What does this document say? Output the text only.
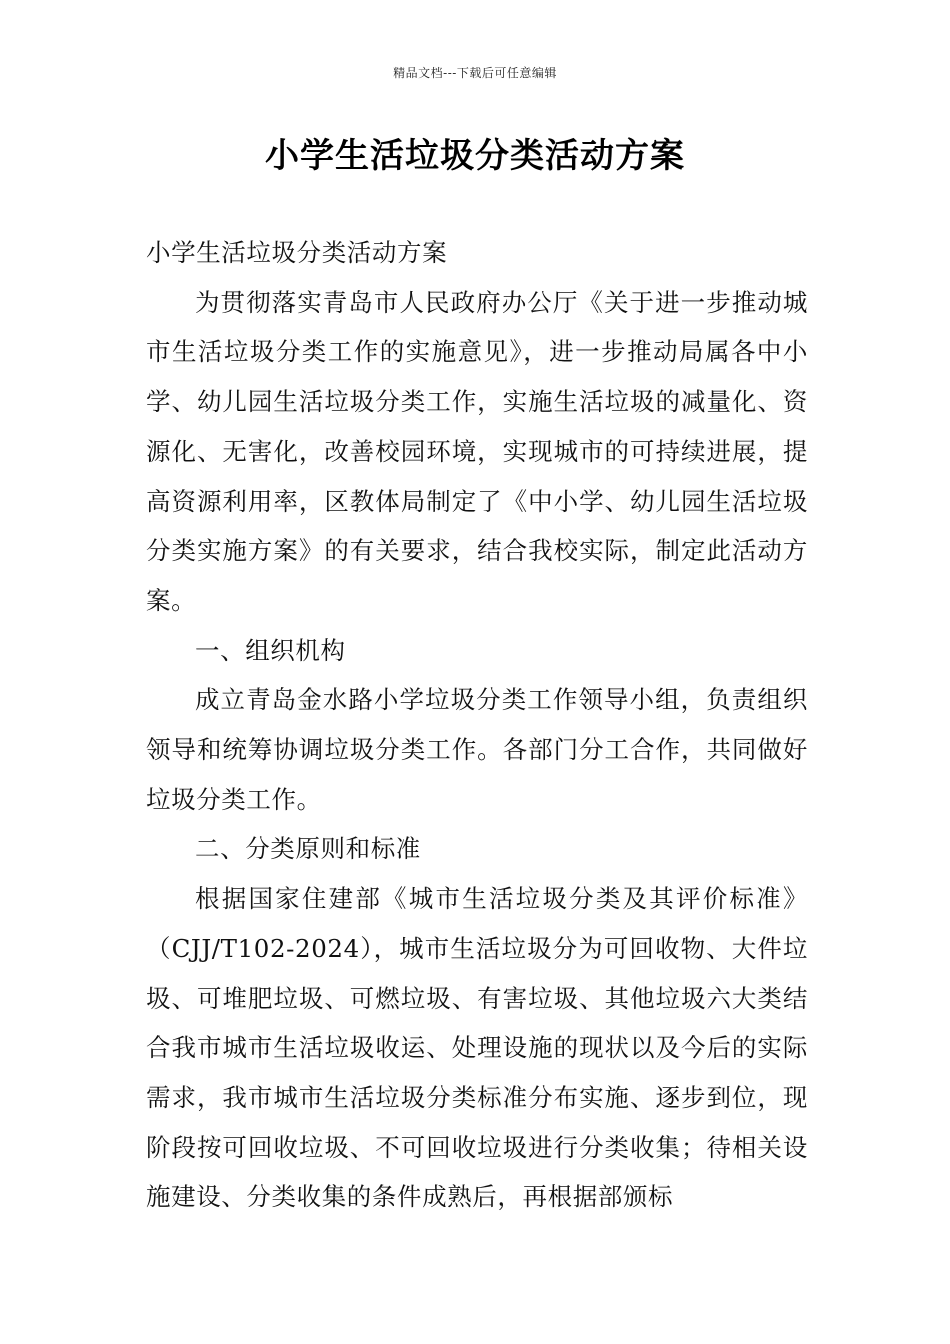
精品文档---下载后可任意编辑
小学生活垃圾分类活动方案

小学生活垃圾分类活动方案

为贯彻落实青岛市人民政府办公厅《关于进一步推动城市生活垃圾分类工作的实施意见》，进一步推动局属各中小学、幼儿园生活垃圾分类工作，实施生活垃圾的减量化、资源化、无害化，改善校园环境，实现城市的可持续进展，提高资源利用率，区教体局制定了《中小学、幼儿园生活垃圾分类实施方案》的有关要求，结合我校实际，制定此活动方案。

一、组织机构

成立青岛金水路小学垃圾分类工作领导小组，负责组织领导和统筹协调垃圾分类工作。各部门分工合作，共同做好垃圾分类工作。

二、分类原则和标准

根据国家住建部《城市生活垃圾分类及其评价标准》（CJJ/T102-2024），城市生活垃圾分为可回收物、大件垃圾、可堆肥垃圾、可燃垃圾、有害垃圾、其他垃圾六大类结合我市城市生活垃圾收运、处理设施的现状以及今后的实际需求，我市城市生活垃圾分类标准分布实施、逐步到位，现阶段按可回收垃圾、不可回收垃圾进行分类收集；待相关设施建设、分类收集的条件成熟后，再根据部颁标
